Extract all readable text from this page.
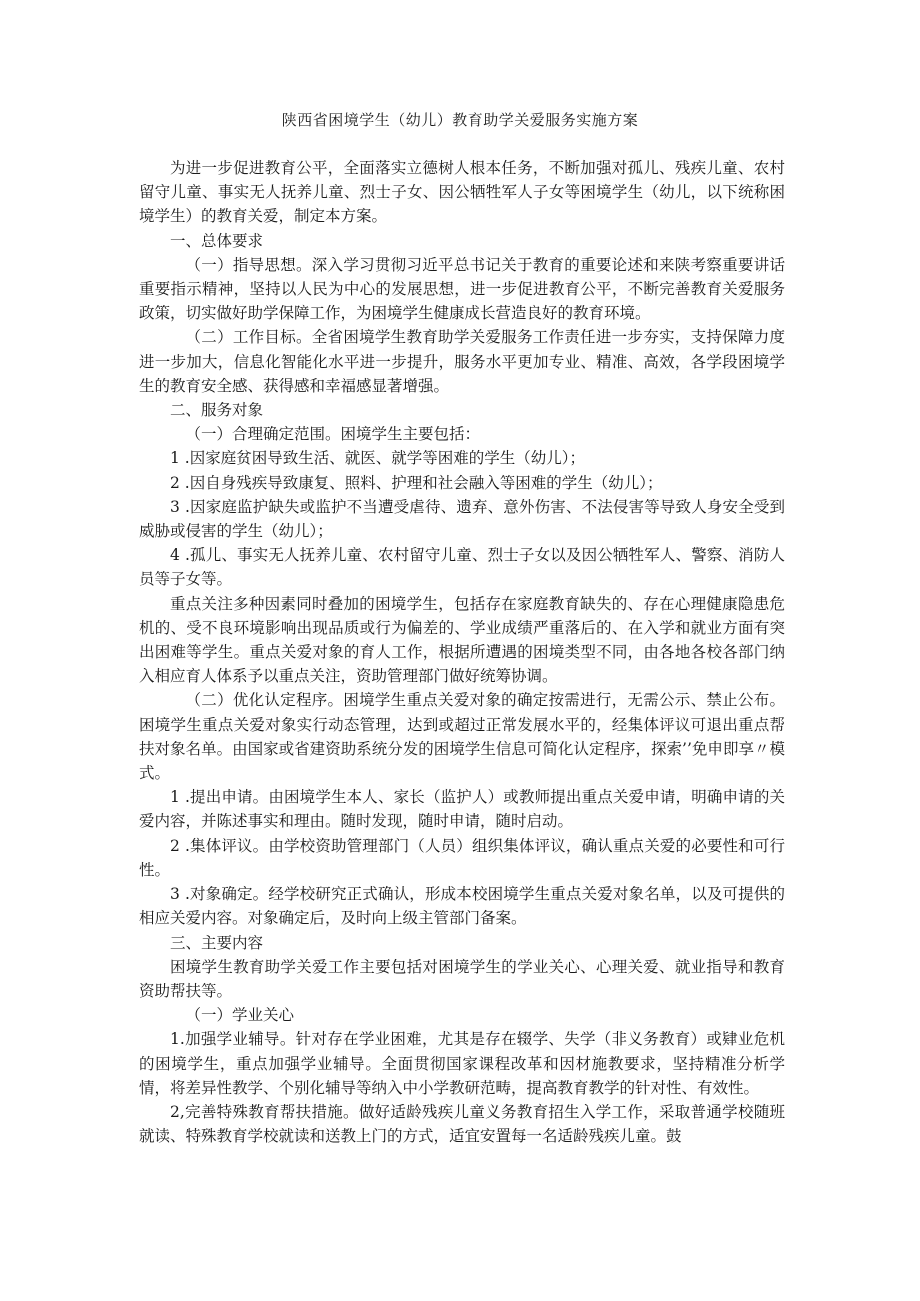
陕西省困境学生（幼儿）教育助学关爱服务实施方案

为进一步促进教育公平，全面落实立德树人根本任务，不断加强对孤儿、残疾儿童、农村留守儿童、事实无人抚养儿童、烈士子女、因公牺牲军人子女等困境学生（幼儿，以下统称困境学生）的教育关爱，制定本方案。

一、总体要求

（一）指导思想。深入学习贯彻习近平总书记关于教育的重要论述和来陕考察重要讲话重要指示精神，坚持以人民为中心的发展思想，进一步促进教育公平，不断完善教育关爱服务政策，切实做好助学保障工作，为困境学生健康成长营造良好的教育环境。

（二）工作目标。全省困境学生教育助学关爱服务工作责任进一步夯实，支持保障力度进一步加大，信息化智能化水平进一步提升，服务水平更加专业、精准、高效，各学段困境学生的教育安全感、获得感和幸福感显著增强。

二、服务对象

（一）合理确定范围。困境学生主要包括：

1 .因家庭贫困导致生活、就医、就学等困难的学生（幼儿）；

2 .因自身残疾导致康复、照料、护理和社会融入等困难的学生（幼儿）；

3 .因家庭监护缺失或监护不当遭受虐待、遗弃、意外伤害、不法侵害等导致人身安全受到威胁或侵害的学生（幼儿）；

4 .孤儿、事实无人抚养儿童、农村留守儿童、烈士子女以及因公牺牲军人、警察、消防人员等子女等。

重点关注多种因素同时叠加的困境学生，包括存在家庭教育缺失的、存在心理健康隐患危机的、受不良环境影响出现品质或行为偏差的、学业成绩严重落后的、在入学和就业方面有突出困难等学生。重点关爱对象的育人工作，根据所遭遇的困境类型不同，由各地各校各部门纳入相应育人体系予以重点关注，资助管理部门做好统筹协调。

（二）优化认定程序。困境学生重点关爱对象的确定按需进行，无需公示、禁止公布。困境学生重点关爱对象实行动态管理，达到或超过正常发展水平的，经集体评议可退出重点帮扶对象名单。由国家或省建资助系统分发的困境学生信息可简化认定程序，探索’’免申即享〃模式。

1 .提出申请。由困境学生本人、家长（监护人）或教师提出重点关爱申请，明确申请的关爱内容，并陈述事实和理由。随时发现，随时申请，随时启动。

2 .集体评议。由学校资助管理部门（人员）组织集体评议，确认重点关爱的必要性和可行性。

3 .对象确定。经学校研究正式确认，形成本校困境学生重点关爱对象名单，以及可提供的相应关爱内容。对象确定后，及时向上级主管部门备案。

三、主要内容

困境学生教育助学关爱工作主要包括对困境学生的学业关心、心理关爱、就业指导和教育资助帮扶等。

（一）学业关心

1.加强学业辅导。针对存在学业困难，尤其是存在辍学、失学（非义务教育）或肄业危机的困境学生，重点加强学业辅导。全面贯彻国家课程改革和因材施教要求，坚持精准分析学情，将差异性教学、个别化辅导等纳入中小学教研范畴，提高教育教学的针对性、有效性。

2,完善特殊教育帮扶措施。做好适龄残疾儿童义务教育招生入学工作，采取普通学校随班就读、特殊教育学校就读和送教上门的方式，适宜安置每一名适龄残疾儿童。鼓
